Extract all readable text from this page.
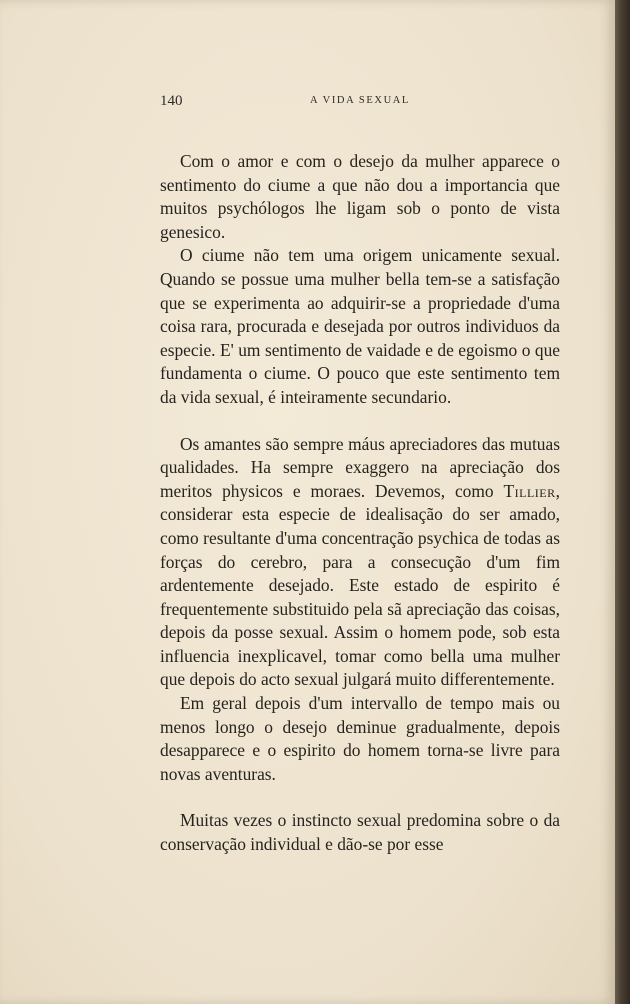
140	A VIDA SEXUAL

Com o amor e com o desejo da mulher apparece o sentimento do ciume a que não dou a importancia que muitos psychólogos lhe ligam sob o ponto de vista genesico.

O ciume não tem uma origem unicamente sexual. Quando se possue uma mulher bella tem-se a satisfação que se experimenta ao adquirir-se a propriedade d'uma coisa rara, procurada e desejada por outros individuos da especie. E' um sentimento de vaidade e de egoismo o que fundamenta o ciume. O pouco que este sentimento tem da vida sexual, é inteiramente secundario.

Os amantes são sempre máus apreciadores das mutuas qualidades. Ha sempre exaggero na apreciação dos meritos physicos e moraes. Devemos, como Tillier, considerar esta especie de idealisação do ser amado, como resultante d'uma concentração psychica de todas as forças do cerebro, para a consecução d'um fim ardentemente desejado. Este estado de espirito é frequentemente substituido pela sã apreciação das coisas, depois da posse sexual. Assim o homem pode, sob esta influencia inexplicavel, tomar como bella uma mulher que depois do acto sexual julgará muito differentemente.

Em geral depois d'um intervallo de tempo mais ou menos longo o desejo deminue gradualmente, depois desapparece e o espirito do homem torna-se livre para novas aventuras.

Muitas vezes o instincto sexual predomina sobre o da conservação individual e dão-se por esse
